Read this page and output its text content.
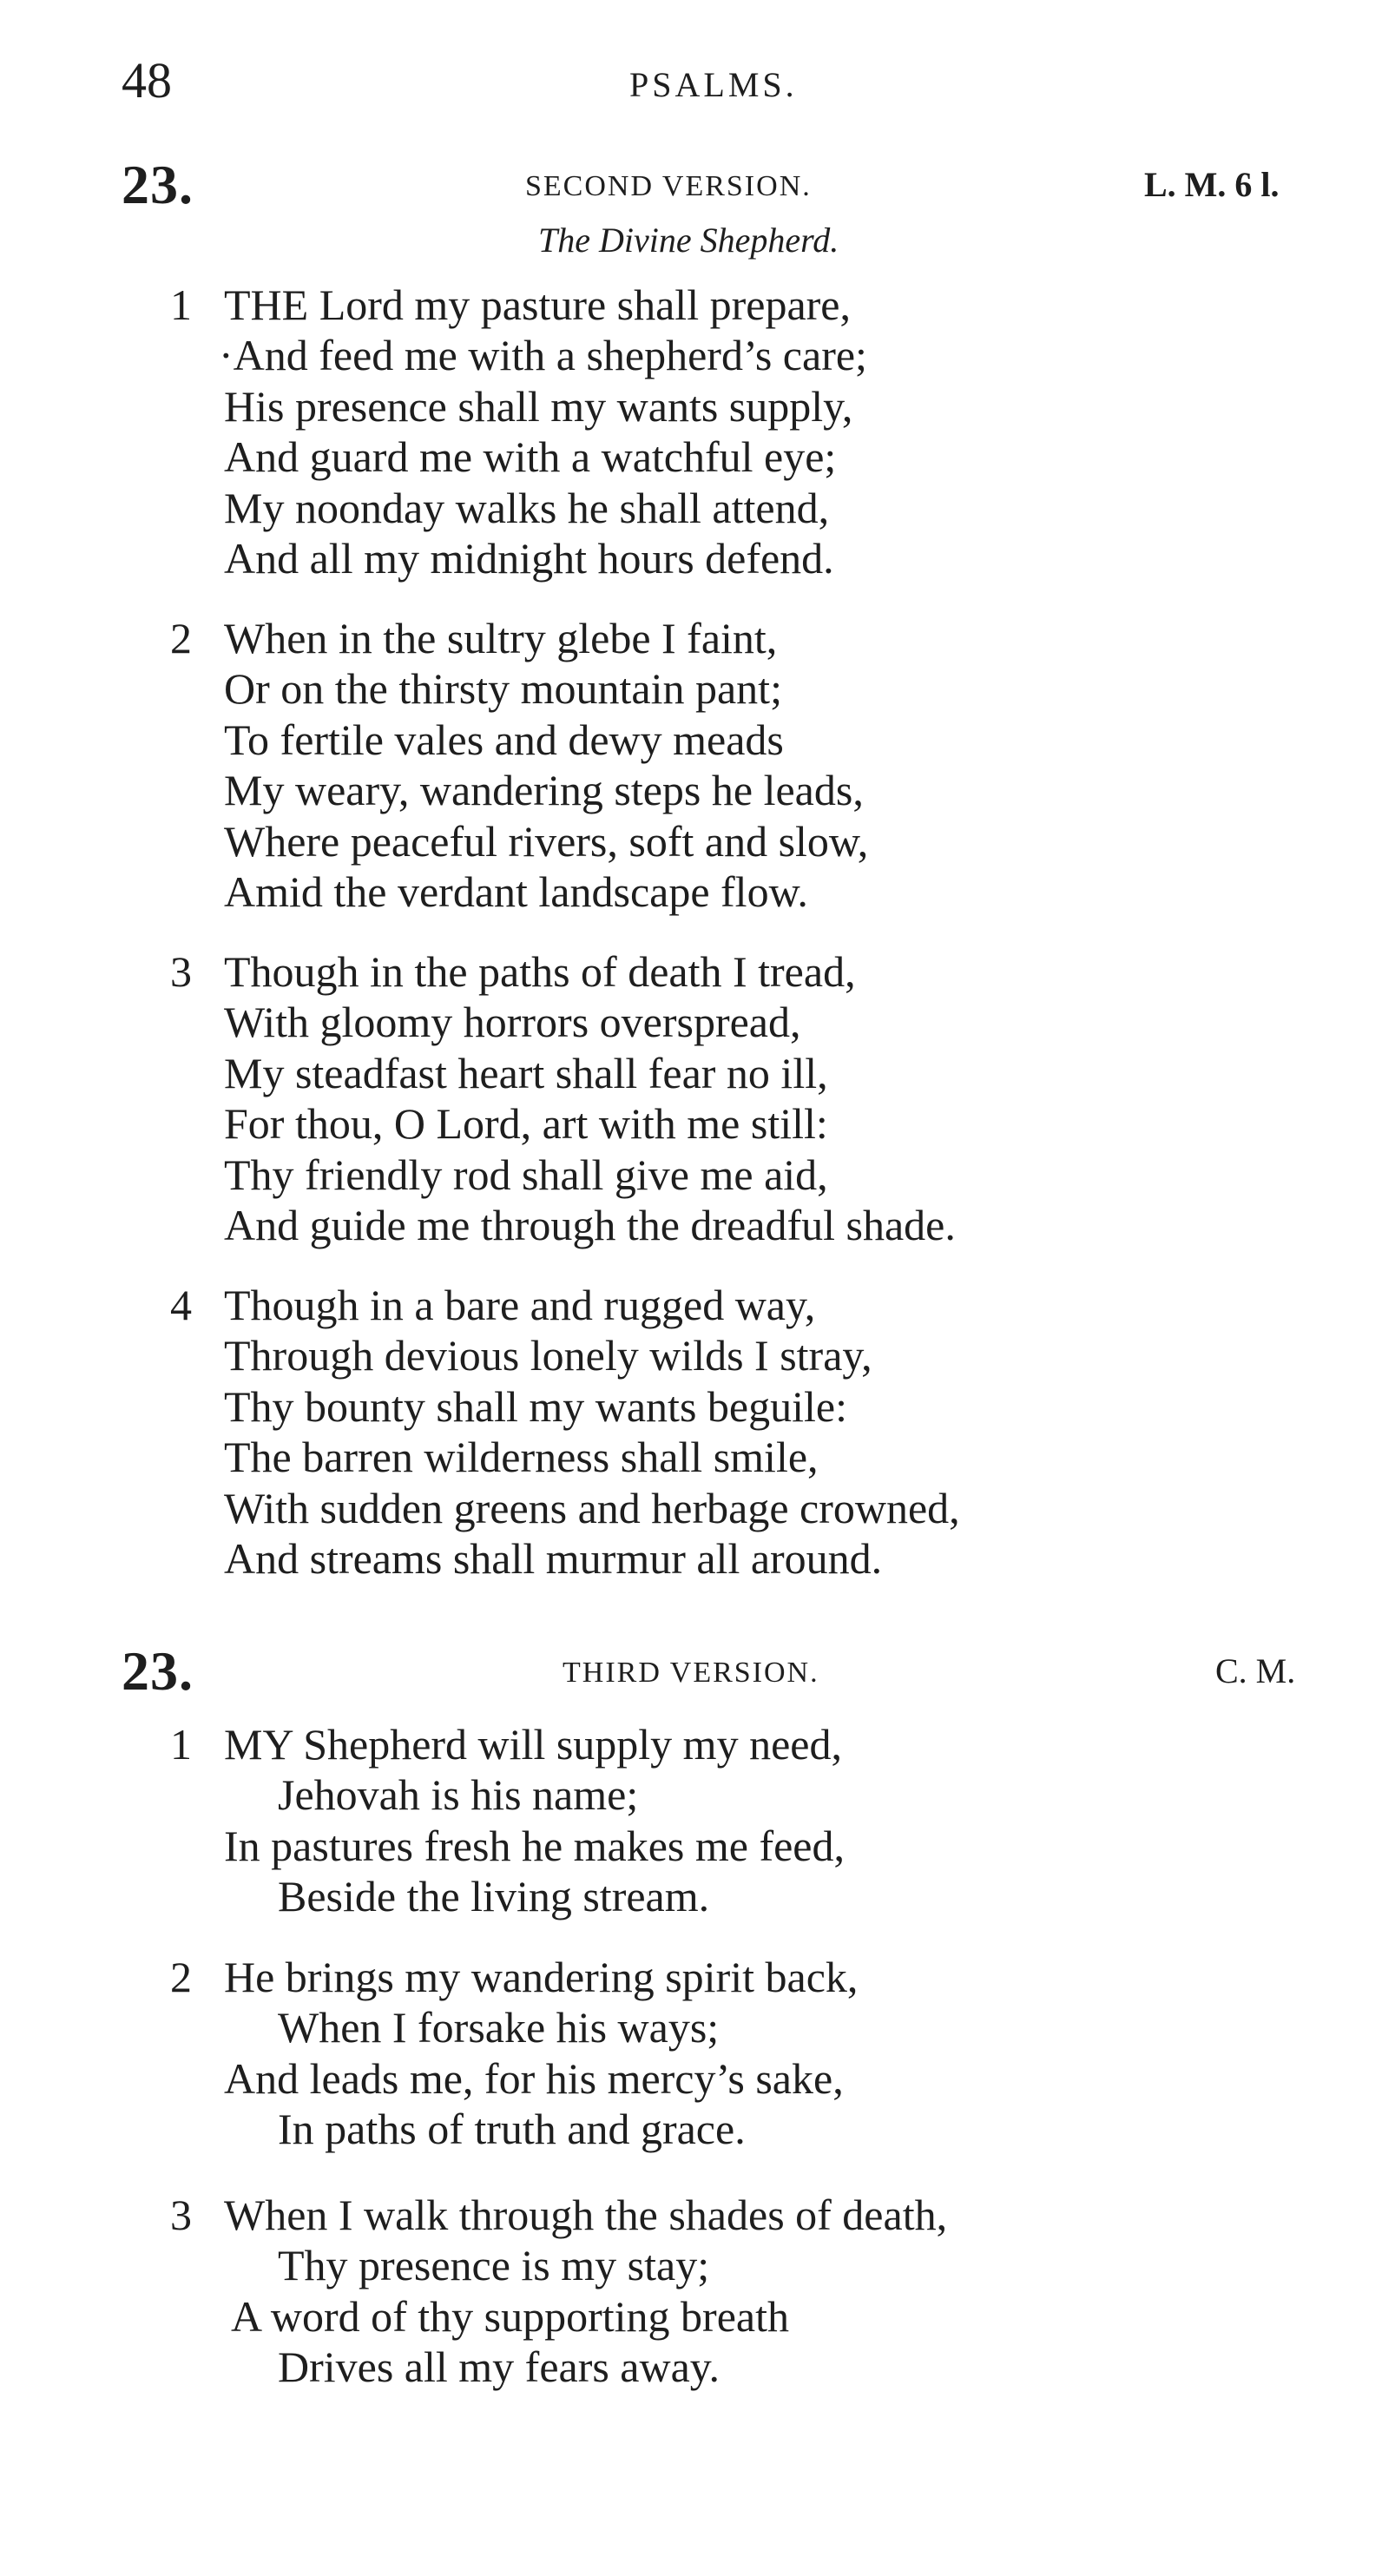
48	PSALMS.
23.	SECOND VERSION.	L. M. 6 l.
The Divine Shepherd.
1 THE Lord my pasture shall prepare,
·And feed me with a shepherd’s care;
His presence shall my wants supply,
And guard me with a watchful eye;
My noonday walks he shall attend,
And all my midnight hours defend.
2 When in the sultry glebe I faint,
Or on the thirsty mountain pant;
To fertile vales and dewy meads
My weary, wandering steps he leads,
Where peaceful rivers, soft and slow,
Amid the verdant landscape flow.
3 Though in the paths of death I tread,
With gloomy horrors overspread,
My steadfast heart shall fear no ill,
For thou, O Lord, art with me still:
Thy friendly rod shall give me aid,
And guide me through the dreadful shade.
4 Though in a bare and rugged way,
Through devious lonely wilds I stray,
Thy bounty shall my wants beguile:
The barren wilderness shall smile,
With sudden greens and herbage crowned,
And streams shall murmur all around.
23.	THIRD VERSION.	C. M.
1 MY Shepherd will supply my need,
Jehovah is his name;
In pastures fresh he makes me feed,
Beside the living stream.
2 He brings my wandering spirit back,
When I forsake his ways;
And leads me, for his mercy’s sake,
In paths of truth and grace.
3 When I walk through the shades of death,
Thy presence is my stay;
A word of thy supporting breath
Drives all my fears away.
